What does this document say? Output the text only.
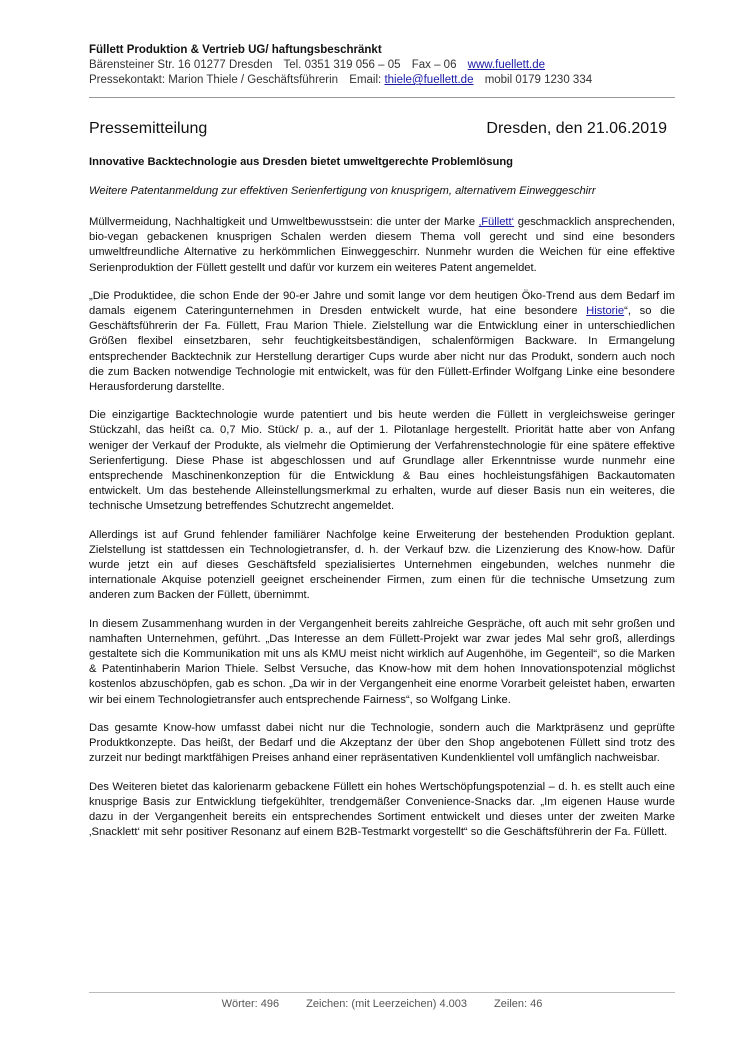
Füllett Produktion & Vertrieb UG/ haftungsbeschränkt
Bärensteiner Str. 16 01277 Dresden Tel. 0351 319 056 – 05 Fax – 06 www.fuellett.de
Pressekontakt: Marion Thiele / Geschäftsführerin Email: thiele@fuellett.de mobil 0179 1230 334
Pressemitteilung	Dresden, den 21.06.2019
Innovative Backtechnologie aus Dresden bietet umweltgerechte Problemlösung
Weitere Patentanmeldung zur effektiven Serienfertigung von knusprigem, alternativem Einweggeschirr

Müllvermeidung, Nachhaltigkeit und Umweltbewusstsein: die unter der Marke ‚Füllett‘ geschmacklich ansprechenden, bio-vegan gebackenen knusprigen Schalen werden diesem Thema voll gerecht und sind eine besonders umweltfreundliche Alternative zu herkömmlichen Einweggeschirr. Nunmehr wurden die Weichen für eine effektive Serienproduktion der Füllett gestellt und dafür vor kurzem ein weiteres Patent angemeldet.

„Die Produktidee, die schon Ende der 90-er Jahre und somit lange vor dem heutigen Öko-Trend aus dem Bedarf im damals eigenem Cateringunternehmen in Dresden entwickelt wurde, hat eine besondere Historie“, so die Geschäftsführerin der Fa. Füllett, Frau Marion Thiele. Zielstellung war die Entwicklung einer in unterschiedlichen Größen flexibel einsetzbaren, sehr feuchtigkeitsbeständigen, schalenförmigen Backware. In Ermangelung entsprechender Backtechnik zur Herstellung derartiger Cups wurde aber nicht nur das Produkt, sondern auch noch die zum Backen notwendige Technologie mit entwickelt, was für den Füllett-Erfinder Wolfgang Linke eine besondere Herausforderung darstellte.

Die einzigartige Backtechnologie wurde patentiert und bis heute werden die Füllett in vergleichsweise geringer Stückzahl, das heißt ca. 0,7 Mio. Stück/ p. a., auf der 1. Pilotanlage hergestellt. Priorität hatte aber von Anfang weniger der Verkauf der Produkte, als vielmehr die Optimierung der Verfahrenstechnologie für eine spätere effektive Serienfertigung. Diese Phase ist abgeschlossen und auf Grundlage aller Erkenntnisse wurde nunmehr eine entsprechende Maschinenkonzeption für die Entwicklung & Bau eines hochleistungsfähigen Backautomaten entwickelt. Um das bestehende Alleinstellungsmerkmal zu erhalten, wurde auf dieser Basis nun ein weiteres, die technische Umsetzung betreffendes Schutzrecht angemeldet.

Allerdings ist auf Grund fehlender familiärer Nachfolge keine Erweiterung der bestehenden Produktion geplant. Zielstellung ist stattdessen ein Technologietransfer, d. h. der Verkauf bzw. die Lizenzierung des Know-how. Dafür wurde jetzt ein auf dieses Geschäftsfeld spezialisiertes Unternehmen eingebunden, welches nunmehr die internationale Akquise potenziell geeignet erscheinender Firmen, zum einen für die technische Umsetzung zum anderen zum Backen der Füllett, übernimmt.

In diesem Zusammenhang wurden in der Vergangenheit bereits zahlreiche Gespräche, oft auch mit sehr großen und namhaften Unternehmen, geführt. „Das Interesse an dem Füllett-Projekt war zwar jedes Mal sehr groß, allerdings gestaltete sich die Kommunikation mit uns als KMU meist nicht wirklich auf Augenhöhe, im Gegenteil“, so die Marken & Patentinhaberin Marion Thiele. Selbst Versuche, das Know-how mit dem hohen Innovationspotenzial möglichst kostenlos abzuschöpfen, gab es schon. „Da wir in der Vergangenheit eine enorme Vorarbeit geleistet haben, erwarten wir bei einem Technologietransfer auch entsprechende Fairness“, so Wolfgang Linke.

Das gesamte Know-how umfasst dabei nicht nur die Technologie, sondern auch die Marktpräsenz und geprüfte Produktkonzepte. Das heißt, der Bedarf und die Akzeptanz der über den Shop angebotenen Füllett sind trotz des zurzeit nur bedingt marktfähigen Preises anhand einer repräsentativen Kundenklientel voll umfänglich nachweisbar.

Des Weiteren bietet das kalorienarm gebackene Füllett ein hohes Wertschöpfungspotenzial – d. h. es stellt auch eine knusprige Basis zur Entwicklung tiefgekühlter, trendgemäßer Convenience-Snacks dar. „Im eigenen Hause wurde dazu in der Vergangenheit bereits ein entsprechendes Sortiment entwickelt und dieses unter der zweiten Marke ‚Snacklett‘ mit sehr positiver Resonanz auf einem B2B-Testmarkt vorgestellt“ so die Geschäftsführerin der Fa. Füllett.

Wörter: 496 Zeichen: (mit Leerzeichen) 4.003 Zeilen: 46
